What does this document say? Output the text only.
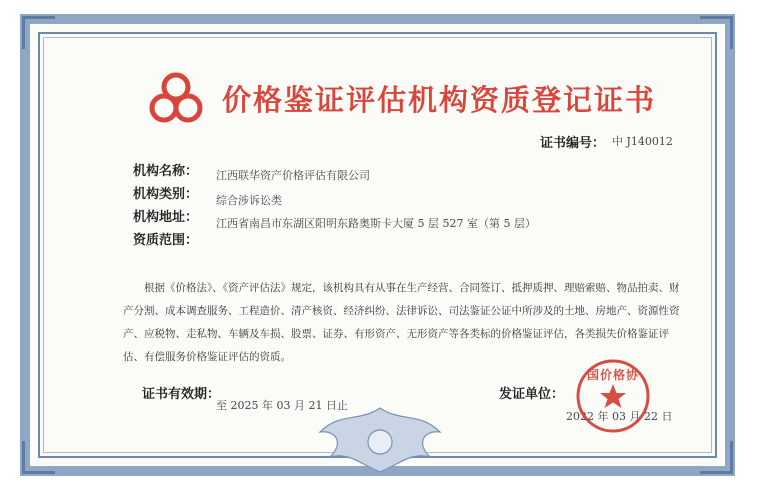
价格鉴证评估机构资质登记证书
证书编号： 中 J140012
机构名称： 江西联华资产价格评估有限公司
机构类别： 综合涉诉讼类
机构地址： 江西省南昌市东湖区阳明东路奥斯卡大厦 5 层 527 室（第 5 层）
资质范围：
根据《价格法》、《资产评估法》规定，该机构具有从事在生产经营、合同签订、抵押质押、理赔索赔、物品拍卖、财产分割、成本调查服务、工程造价、清产核资、经济纠纷、法律诉讼、司法鉴证公证中所涉及的土地、房地产、资源性资产、应税物、走私物、车辆及车损、股票、证券、有形资产、无形资产等各类标的价格鉴证评估，各类损失价格鉴证评估、有偿服务价格鉴证评估的资质。
证书有效期：
至 2025 年 03 月 21 日止
发证单位：
2022 年 03 月 22 日
国价格协
